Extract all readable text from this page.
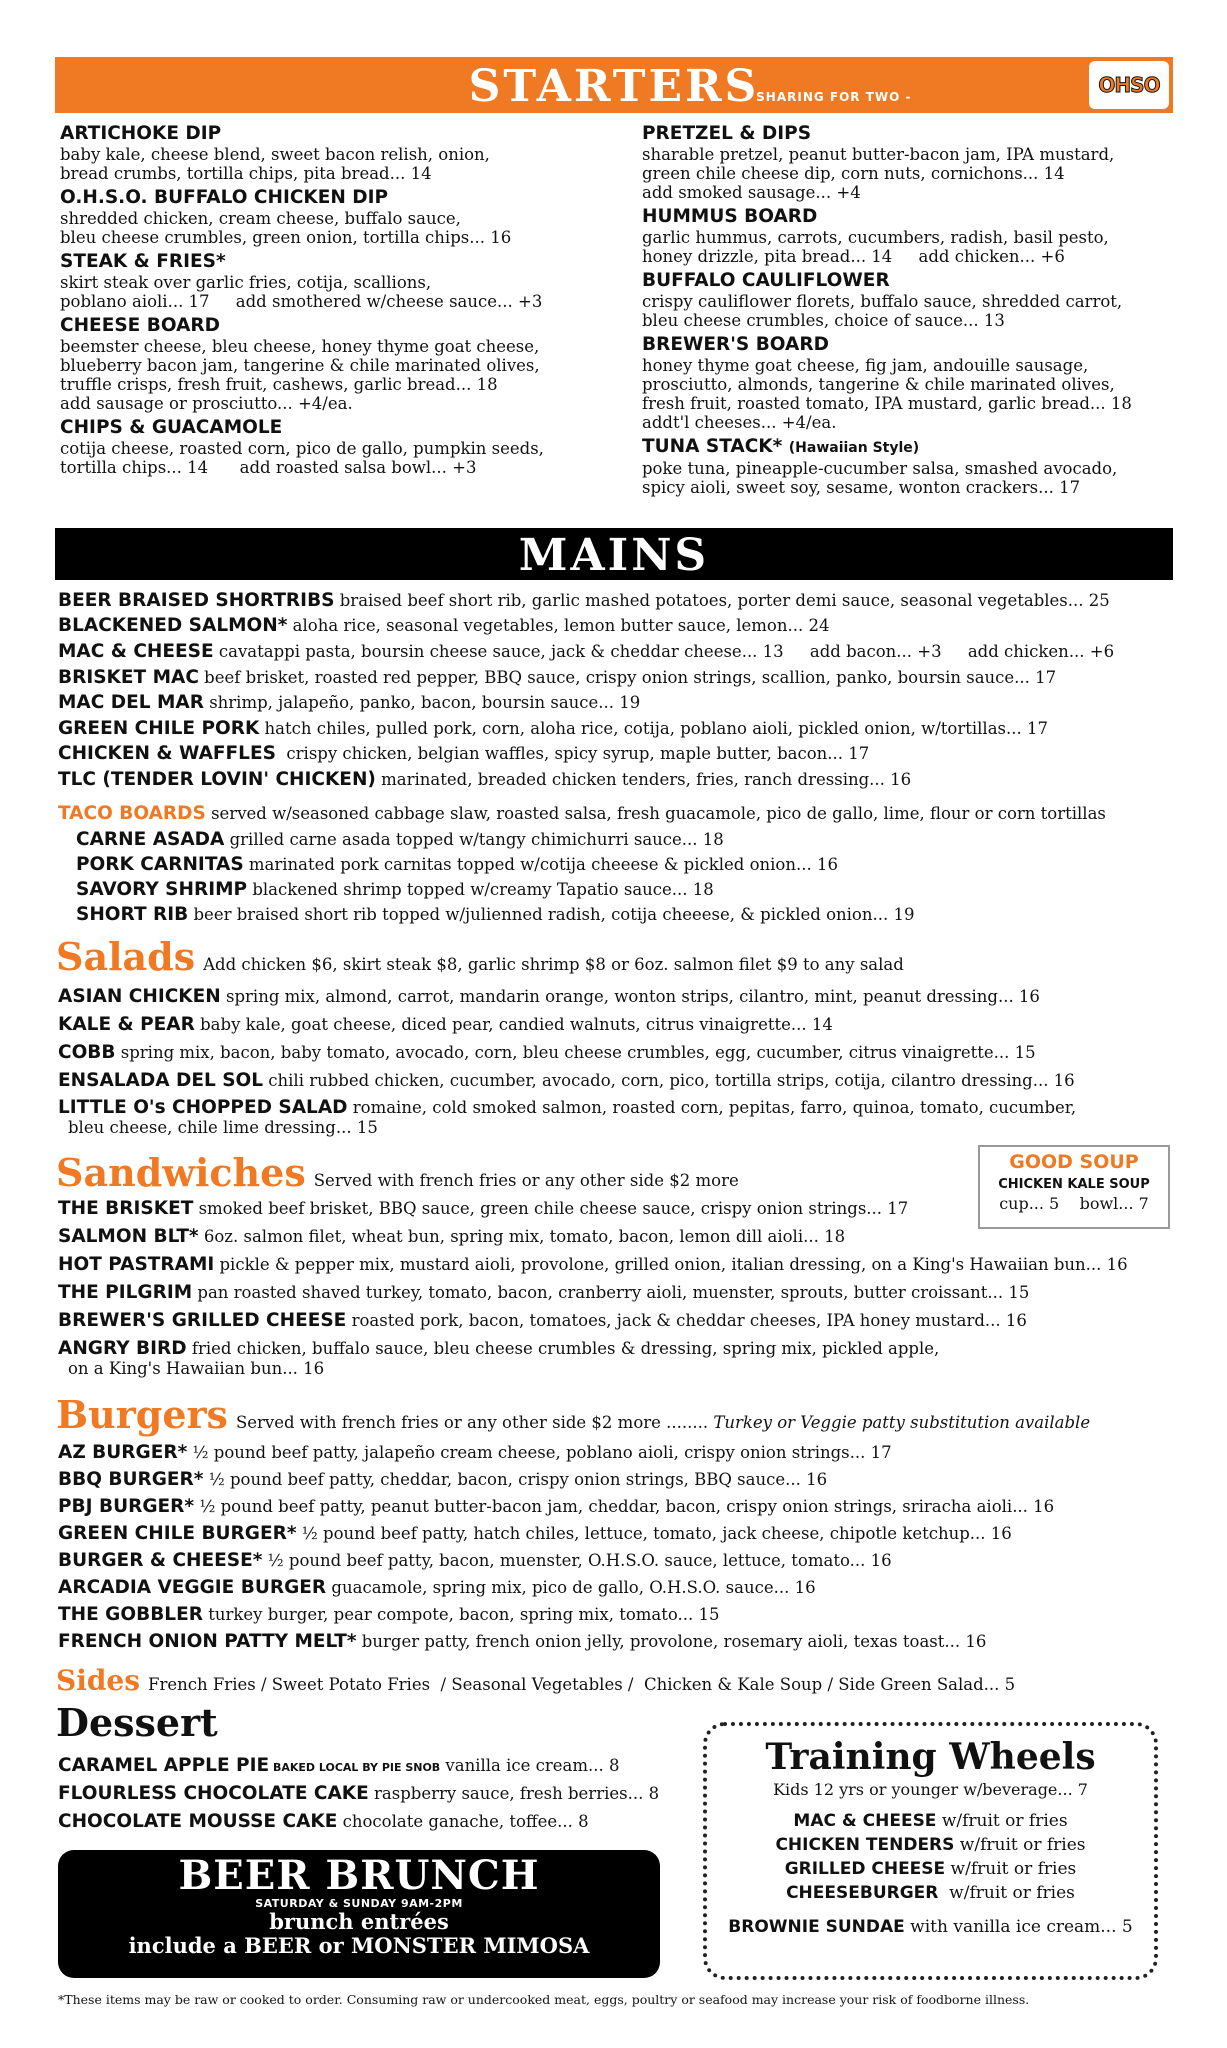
STARTERS
- SHARING FOR TWO -	OHSO
ARTICHOKE DIP
baby kale, cheese blend, sweet bacon relish, onion,
bread crumbs, tortilla chips, pita bread... 14
O.H.S.O. BUFFALO CHICKEN DIP
shredded chicken, cream cheese, buffalo sauce,
bleu cheese crumbles, green onion, tortilla chips... 16
STEAK & FRIES*
skirt steak over garlic fries, cotija, scallions,
poblano aioli... 17     add smothered w/cheese sauce... +3
CHEESE BOARD
beemster cheese, bleu cheese, honey thyme goat cheese,
blueberry bacon jam, tangerine & chile marinated olives,
truffle crisps, fresh fruit, cashews, garlic bread... 18
add sausage or prosciutto... +4/ea.
CHIPS & GUACAMOLE
cotija cheese, roasted corn, pico de gallo, pumpkin seeds,
tortilla chips... 14      add roasted salsa bowl... +3
PRETZEL & DIPS
sharable pretzel, peanut butter-bacon jam, IPA mustard,
green chile cheese dip, corn nuts, cornichons... 14
add smoked sausage... +4
HUMMUS BOARD
garlic hummus, carrots, cucumbers, radish, basil pesto,
honey drizzle, pita bread... 14     add chicken... +6
BUFFALO CAULIFLOWER
crispy cauliflower florets, buffalo sauce, shredded carrot,
bleu cheese crumbles, choice of sauce... 13
BREWER'S BOARD
honey thyme goat cheese, fig jam, andouille sausage,
prosciutto, almonds, tangerine & chile marinated olives,
fresh fruit, roasted tomato, IPA mustard, garlic bread... 18
addt'l cheeses... +4/ea.
TUNA STACK* (Hawaiian Style)
poke tuna, pineapple-cucumber salsa, smashed avocado,
spicy aioli, sweet soy, sesame, wonton crackers... 17
MAINS
BEER BRAISED SHORTRIBS braised beef short rib, garlic mashed potatoes, porter demi sauce, seasonal vegetables... 25
BLACKENED SALMON* aloha rice, seasonal vegetables, lemon butter sauce, lemon... 24
MAC & CHEESE cavatappi pasta, boursin cheese sauce, jack & cheddar cheese... 13     add bacon... +3     add chicken... +6
BRISKET MAC beef brisket, roasted red pepper, BBQ sauce, crispy onion strings, scallion, panko, boursin sauce... 17
MAC DEL MAR shrimp, jalapeño, panko, bacon, boursin sauce... 19
GREEN CHILE PORK hatch chiles, pulled pork, corn, aloha rice, cotija, poblano aioli, pickled onion, w/tortillas... 17
CHICKEN & WAFFLES  crispy chicken, belgian waffles, spicy syrup, maple butter, bacon... 17
TLC (TENDER LOVIN' CHICKEN) marinated, breaded chicken tenders, fries, ranch dressing... 16
TACO BOARDS served w/seasoned cabbage slaw, roasted salsa, fresh guacamole, pico de gallo, lime, flour or corn tortillas
CARNE ASADA grilled carne asada topped w/tangy chimichurri sauce... 18
PORK CARNITAS marinated pork carnitas topped w/cotija cheeese & pickled onion... 16
SAVORY SHRIMP blackened shrimp topped w/creamy Tapatio sauce... 18
SHORT RIB beer braised short rib topped w/julienned radish, cotija cheeese, & pickled onion... 19
Salads Add chicken $6, skirt steak $8, garlic shrimp $8 or 6oz. salmon filet $9 to any salad
ASIAN CHICKEN spring mix, almond, carrot, mandarin orange, wonton strips, cilantro, mint, peanut dressing... 16
KALE & PEAR baby kale, goat cheese, diced pear, candied walnuts, citrus vinaigrette... 14
COBB spring mix, bacon, baby tomato, avocado, corn, bleu cheese crumbles, egg, cucumber, citrus vinaigrette... 15
ENSALADA DEL SOL chili rubbed chicken, cucumber, avocado, corn, pico, tortilla strips, cotija, cilantro dressing... 16
LITTLE O's CHOPPED SALAD romaine, cold smoked salmon, roasted corn, pepitas, farro, quinoa, tomato, cucumber,
bleu cheese, chile lime dressing... 15
Sandwiches Served with french fries or any other side $2 more
THE BRISKET smoked beef brisket, BBQ sauce, green chile cheese sauce, crispy onion strings... 17
SALMON BLT* 6oz. salmon filet, wheat bun, spring mix, tomato, bacon, lemon dill aioli... 18
HOT PASTRAMI pickle & pepper mix, mustard aioli, provolone, grilled onion, italian dressing, on a King's Hawaiian bun... 16
THE PILGRIM pan roasted shaved turkey, tomato, bacon, cranberry aioli, muenster, sprouts, butter croissant... 15
BREWER'S GRILLED CHEESE roasted pork, bacon, tomatoes, jack & cheddar cheeses, IPA honey mustard... 16
ANGRY BIRD fried chicken, buffalo sauce, bleu cheese crumbles & dressing, spring mix, pickled apple,
on a King's Hawaiian bun... 16
GOOD SOUP
CHICKEN KALE SOUP
cup... 5    bowl... 7
Burgers Served with french fries or any other side $2 more ........ Turkey or Veggie patty substitution available
AZ BURGER* ½ pound beef patty, jalapeño cream cheese, poblano aioli, crispy onion strings... 17
BBQ BURGER* ½ pound beef patty, cheddar, bacon, crispy onion strings, BBQ sauce... 16
PBJ BURGER* ½ pound beef patty, peanut butter-bacon jam, cheddar, bacon, crispy onion strings, sriracha aioli... 16
GREEN CHILE BURGER* ½ pound beef patty, hatch chiles, lettuce, tomato, jack cheese, chipotle ketchup... 16
BURGER & CHEESE* ½ pound beef patty, bacon, muenster, O.H.S.O. sauce, lettuce, tomato... 16
ARCADIA VEGGIE BURGER guacamole, spring mix, pico de gallo, O.H.S.O. sauce... 16
THE GOBBLER turkey burger, pear compote, bacon, spring mix, tomato... 15
FRENCH ONION PATTY MELT* burger patty, french onion jelly, provolone, rosemary aioli, texas toast... 16
Sides French Fries / Sweet Potato Fries  / Seasonal Vegetables /  Chicken & Kale Soup / Side Green Salad... 5
Dessert
CARAMEL APPLE PIE BAKED LOCAL BY PIE SNOB vanilla ice cream... 8
FLOURLESS CHOCOLATE CAKE raspberry sauce, fresh berries... 8
CHOCOLATE MOUSSE CAKE chocolate ganache, toffee... 8
BEER BRUNCH
SATURDAY & SUNDAY 9AM-2PM
brunch entrées
include a BEER or MONSTER MIMOSA
Training Wheels
Kids 12 yrs or younger w/beverage... 7
MAC & CHEESE w/fruit or fries
CHICKEN TENDERS w/fruit or fries
GRILLED CHEESE w/fruit or fries
CHEESEBURGER  w/fruit or fries
BROWNIE SUNDAE with vanilla ice cream... 5
*These items may be raw or cooked to order. Consuming raw or undercooked meat, eggs, poultry or seafood may increase your risk of foodborne illness.
